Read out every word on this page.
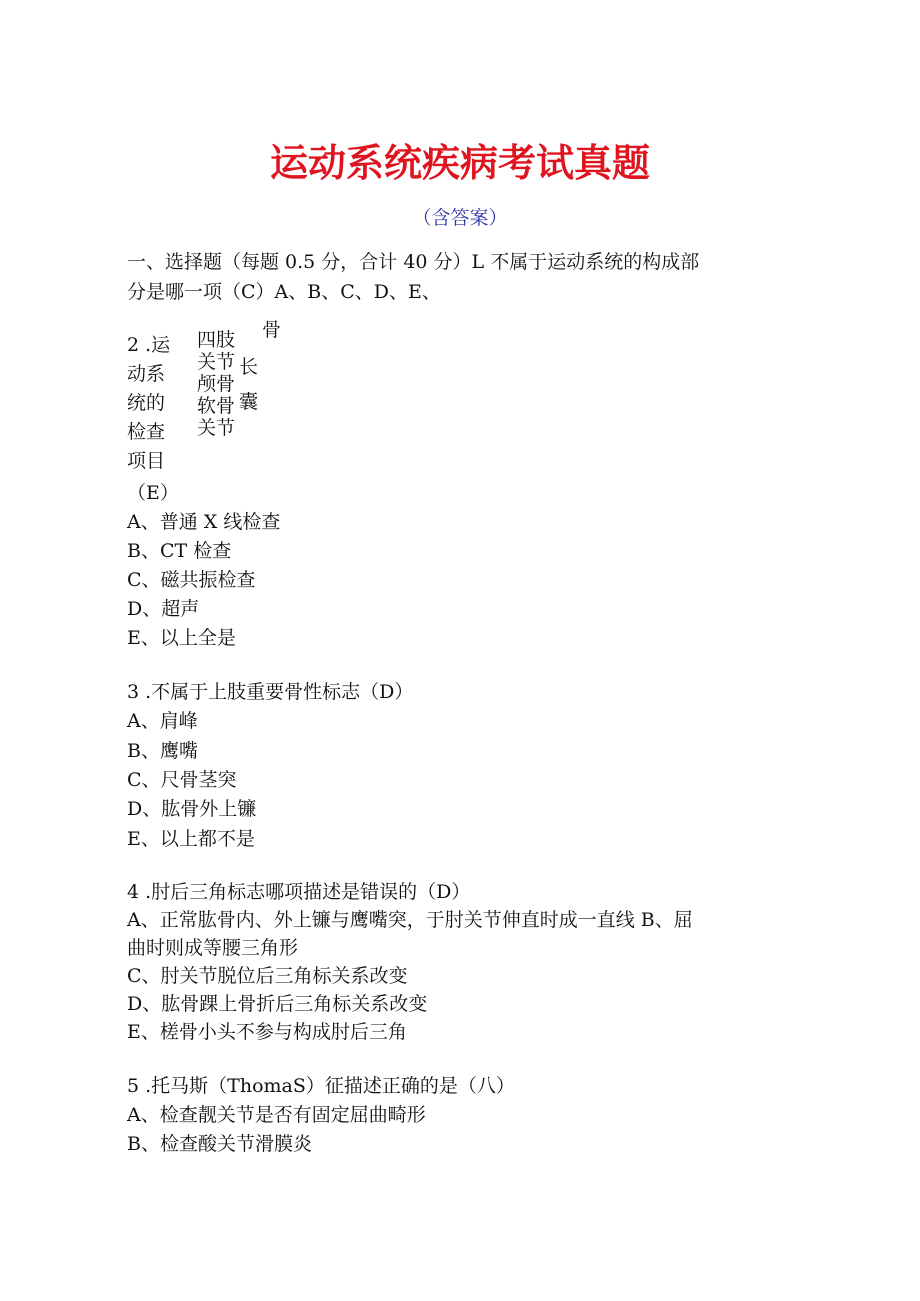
运动系统疾病考试真题
（含答案）
一、选择题（每题 0.5 分，合计 40 分）L 不属于运动系统的构成部
分是哪一项（C）A、B、C、D、E、
2 .运
动系
统的
检查
项目
四肢
关节
颅骨
软骨
关节
骨
长
囊
（E）
A、普通 X 线检查
B、CT 检查
C、磁共振检查
D、超声
E、以上全是
3 .不属于上肢重要骨性标志（D）
A、肩峰
B、鹰嘴
C、尺骨茎突
D、肱骨外上镰
E、以上都不是
4 .肘后三角标志哪项描述是错误的（D）
A、正常肱骨内、外上镰与鹰嘴突，于肘关节伸直时成一直线 B、屈
曲时则成等腰三角形
C、肘关节脱位后三角标关系改变
D、肱骨踝上骨折后三角标关系改变
E、槎骨小头不参与构成肘后三角
5 .托马斯（ThomaS）征描述正确的是（八）
A、检查靓关节是否有固定屈曲畸形
B、检查酸关节滑膜炎
